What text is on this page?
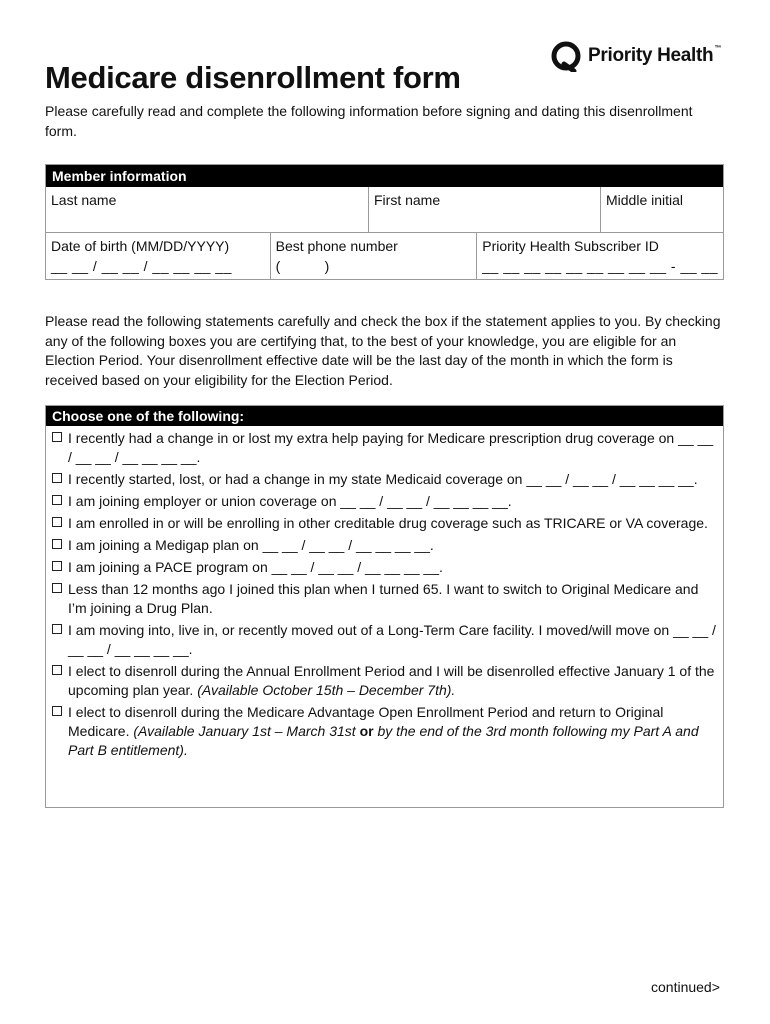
Priority Health™
Medicare disenrollment form

Please carefully read and complete the following information before signing and dating this disenrollment form.

Member information
Last name	First name	Middle initial
Date of birth (MM/DD/YYYY)
__ __ / __ __ / __ __ __ __
Best phone number
(          )
Priority Health Subscriber ID
__ __ __ __ __ __ __ __ __ - __ __

Please read the following statements carefully and check the box if the statement applies to you. By checking any of the following boxes you are certifying that, to the best of your knowledge, you are eligible for an Election Period. Your disenrollment effective date will be the last day of the month in which the form is received based on your eligibility for the Election Period.

Choose one of the following:
I recently had a change in or lost my extra help paying for Medicare prescription drug coverage on __ __ / __ __ / __ __ __ __.
I recently started, lost, or had a change in my state Medicaid coverage on __ __ / __ __ / __ __ __ __.
I am joining employer or union coverage on __ __ / __ __ / __ __ __ __.
I am enrolled in or will be enrolling in other creditable drug coverage such as TRICARE or VA coverage.
I am joining a Medigap plan on __ __ / __ __ / __ __ __ __.
I am joining a PACE program on __ __ / __ __ / __ __ __ __.
Less than 12 months ago I joined this plan when I turned 65. I want to switch to Original Medicare and I’m joining a Drug Plan.
I am moving into, live in, or recently moved out of a Long-Term Care facility. I moved/will move on __ __ / __ __ / __ __ __ __.
I elect to disenroll during the Annual Enrollment Period and I will be disenrolled effective January 1 of the upcoming plan year. (Available October 15th – December 7th).
I elect to disenroll during the Medicare Advantage Open Enrollment Period and return to Original Medicare. (Available January 1st – March 31st or by the end of the 3rd month following my Part A and Part B entitlement).
continued>
